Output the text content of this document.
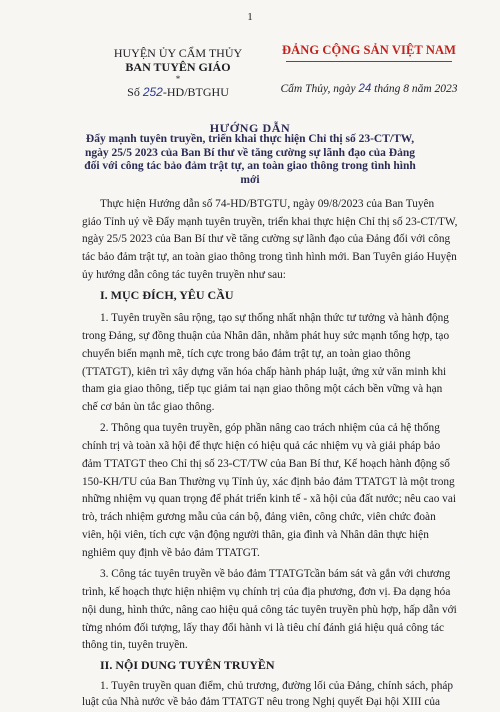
1
HUYỆN ỦY CẨM THỦY
BAN TUYÊN GIÁO
*
Số 252-HD/BTGHU
ĐẢNG CỘNG SẢN VIỆT NAM
Cẩm Thủy, ngày 24 tháng 8 năm 2023
HƯỚNG DẪN
Đẩy mạnh tuyên truyền, triển khai thực hiện Chỉ thị số 23-CT/TW, ngày 25/5 2023 của Ban Bí thư về tăng cường sự lãnh đạo của Đảng đối với công tác bảo đảm trật tự, an toàn giao thông trong tình hình mới
Thực hiện Hướng dẫn số 74-HD/BTGTU, ngày 09/8/2023 của Ban Tuyên
giáo Tỉnh uỷ về Đẩy mạnh tuyên truyền, triển khai thực hiện Chỉ thị số 23-CT/TW,
ngày 25/5 2023 của Ban Bí thư về tăng cường sự lãnh đạo của Đảng đối với công
tác bảo đảm trật tự, an toàn giao thông trong tình hình mới. Ban Tuyên giáo Huyện
ủy hướng dẫn công tác tuyên truyền như sau:
I. MỤC ĐÍCH, YÊU CẦU
1. Tuyên truyền sâu rộng, tạo sự thống nhất nhận thức tư tưởng và hành động
trong Đảng, sự đồng thuận của Nhân dân, nhằm phát huy sức mạnh tổng hợp, tạo
chuyển biến mạnh mẽ, tích cực trong bảo đảm trật tự, an toàn giao thông
(TTATGT), kiên trì xây dựng văn hóa chấp hành pháp luật, ứng xử văn minh khi
tham gia giao thông, tiếp tục giảm tai nạn giao thông một cách bền vững và hạn
chế cơ bản ùn tắc giao thông.
2. Thông qua tuyên truyền, góp phần nâng cao trách nhiệm của cả hệ thống
chính trị và toàn xã hội để thực hiện có hiệu quả các nhiệm vụ và giải pháp bảo
đảm TTATGT theo Chỉ thị số 23-CT/TW của Ban Bí thư, Kế hoạch hành động số
150-KH/TU của Ban Thường vụ Tỉnh ủy, xác định bảo đảm TTATGT là một trong
những nhiệm vụ quan trọng để phát triển kinh tế - xã hội của đất nước; nêu cao vai
trò, trách nhiệm gương mẫu của cán bộ, đảng viên, công chức, viên chức đoàn
viên, hội viên, tích cực vận động người thân, gia đình và Nhân dân thực hiện
nghiêm quy định về bảo đảm TTATGT.
3. Công tác tuyên truyền về bảo đảm TTATGTcần bám sát và gắn với chương
trình, kế hoạch thực hiện nhiệm vụ chính trị của địa phương, đơn vị. Đa dạng hóa
nội dung, hình thức, nâng cao hiệu quả công tác tuyên truyền phù hợp, hấp dẫn với
từng nhóm đối tượng, lấy thay đổi hành vi là tiêu chí đánh giá hiệu quả công tác
thông tin, tuyên truyền.
II. NỘI DUNG TUYÊN TRUYỀN
1. Tuyên truyền quan điểm, chủ trương, đường lối của Đảng, chính sách, pháp
luật của Nhà nước về bảo đảm TTATGT nêu trong Nghị quyết Đại hội XIII của
